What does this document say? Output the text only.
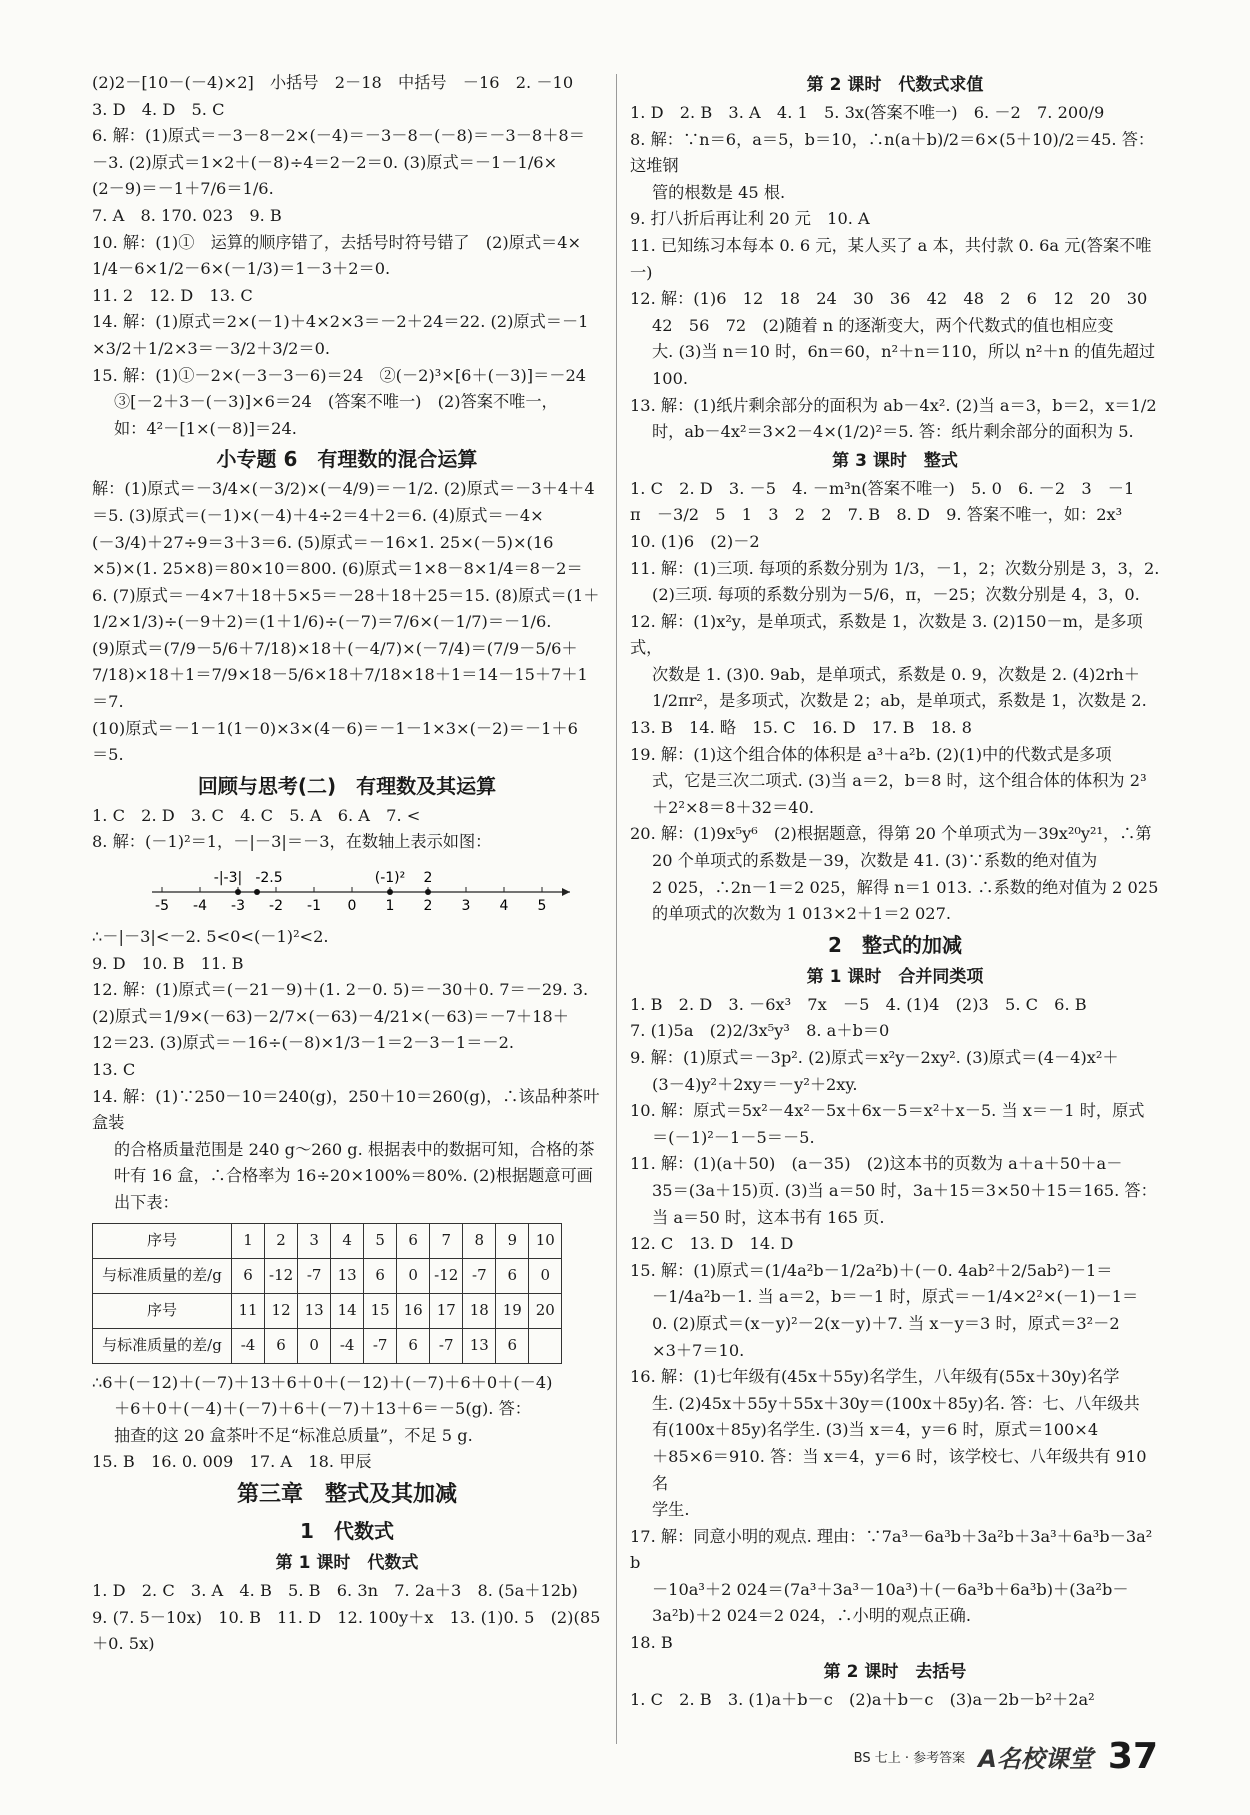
(2)2－[10－(－4)×2]　小括号　2－18　中括号　－16　2. －10
3. D　4. D　5. C
6. 解：(1)原式＝－3－8－2×(－4)＝－3－8－(－8)＝－3－8＋8＝
－3. (2)原式＝1×2＋(－8)÷4＝2－2＝0. (3)原式＝－1－1/6×
(2－9)＝－1＋7/6＝1/6.
7. A　8. 170. 023　9. B
10. 解：(1)①　运算的顺序错了，去括号时符号错了　(2)原式＝4×
1/4－6×1/2－6×(－1/3)＝1－3＋2＝0.
11. 2　12. D　13. C
14. 解：(1)原式＝2×(－1)＋4×2×3＝－2＋24＝22. (2)原式＝－1
×3/2＋1/2×3＝－3/2＋3/2＝0.
15. 解：(1)①－2×(－3－3－6)＝24　②(－2)³×[6＋(－3)]＝－24
③[－2＋3－(－3)]×6＝24　(答案不唯一)　(2)答案不唯一，
如：4²－[1×(－8)]＝24.
小专题 6　有理数的混合运算
解：(1)原式＝－3/4×(－3/2)×(－4/9)＝－1/2. (2)原式＝－3＋4＋4
＝5. (3)原式＝(－1)×(－4)＋4÷2＝4＋2＝6. (4)原式＝－4×
(－3/4)＋27÷9＝3＋3＝6. (5)原式＝－16×1. 25×(－5)×(16
×5)×(1. 25×8)＝80×10＝800. (6)原式＝1×8－8×1/4＝8－2＝
6. (7)原式＝－4×7＋18＋5×5＝－28＋18＋25＝15. (8)原式＝(1＋
1/2×1/3)÷(－9＋2)＝(1＋1/6)÷(－7)＝7/6×(－1/7)＝－1/6.
(9)原式＝(7/9－5/6＋7/18)×18＋(－4/7)×(－7/4)＝(7/9－5/6＋
7/18)×18＋1＝7/9×18－5/6×18＋7/18×18＋1＝14－15＋7＋1＝7.
(10)原式＝－1－1(1－0)×3×(4－6)＝－1－1×3×(－2)＝－1＋6
＝5.
回顾与思考(二)　有理数及其运算
1. C　2. D　3. C　4. C　5. A　6. A　7. <
8. 解：(－1)²＝1，－|－3|＝－3，在数轴上表示如图：
-5 -4 -3 -2 -1 0 1 2 3 4 5
-|-3| -2.5	(-1)² 2
∴－|－3|<－2. 5<0<(－1)²<2.
9. D　10. B　11. B
12. 解：(1)原式＝(－21－9)＋(1. 2－0. 5)＝－30＋0. 7＝－29. 3.
(2)原式＝1/9×(－63)－2/7×(－63)－4/21×(－63)＝－7＋18＋
12＝23. (3)原式＝－16÷(－8)×1/3－1＝2－3－1＝－2.
13. C
14. 解：(1)∵250－10＝240(g)，250＋10＝260(g)，∴该品种茶叶盒装
的合格质量范围是 240 g～260 g. 根据表中的数据可知，合格的茶
叶有 16 盒，∴合格率为 16÷20×100%＝80%. (2)根据题意可画
出下表：
序号	1	2	3	4	5	6	7	8	9	10
与标准质量的差/g	6	-12	-7	13	6	0	-12	-7	6	0
序号	11	12	13	14	15	16	17	18	19	20
与标准质量的差/g	-4	6	0	-4	-7	6	-7	13	6	
∴6＋(－12)＋(－7)＋13＋6＋0＋(－12)＋(－7)＋6＋0＋(－4)
＋6＋0＋(－4)＋(－7)＋6＋(－7)＋13＋6＝－5(g). 答：
抽查的这 20 盒茶叶不足“标准总质量”，不足 5 g.
15. B　16. 0. 009　17. A　18. 甲辰
第三章　整式及其加减
1　代数式
第 1 课时　代数式
1. D　2. C　3. A　4. B　5. B　6. 3n　7. 2a＋3　8. (5a＋12b)
9. (7. 5－10x)　10. B　11. D　12. 100y＋x　13. (1)0. 5　(2)(85＋0. 5x)
第 2 课时　代数式求值
1. D　2. B　3. A　4. 1　5. 3x(答案不唯一)　6. －2　7. 200/9
8. 解：∵n＝6，a＝5，b＝10，∴n(a＋b)/2＝6×(5＋10)/2＝45. 答：这堆钢
管的根数是 45 根.
9. 打八折后再让利 20 元　10. A
11. 已知练习本每本 0. 6 元，某人买了 a 本，共付款 0. 6a 元(答案不唯一)
12. 解：(1)6　12　18　24　30　36　42　48　2　6　12　20　30
42　56　72　(2)随着 n 的逐渐变大，两个代数式的值也相应变
大. (3)当 n＝10 时，6n＝60，n²＋n＝110，所以 n²＋n 的值先超过
100.
13. 解：(1)纸片剩余部分的面积为 ab－4x². (2)当 a＝3，b＝2，x＝1/2
时，ab－4x²＝3×2－4×(1/2)²＝5. 答：纸片剩余部分的面积为 5.
第 3 课时　整式
1. C　2. D　3. －5　4. －m³n(答案不唯一)　5. 0　6. －2　3　－1
π　－3/2　5　1　3　2　2　7. B　8. D　9. 答案不唯一，如：2x³
10. (1)6　(2)－2
11. 解：(1)三项. 每项的系数分别为 1/3，－1，2；次数分别是 3，3，2.
(2)三项. 每项的系数分别为－5/6，π，－25；次数分别是 4，3，0.
12. 解：(1)x²y，是单项式，系数是 1，次数是 3. (2)150－m，是多项式，
次数是 1. (3)0. 9ab，是单项式，系数是 0. 9，次数是 2. (4)2rh＋
1/2πr²，是多项式，次数是 2；ab，是单项式，系数是 1，次数是 2.
13. B　14. 略　15. C　16. D　17. B　18. 8
19. 解：(1)这个组合体的体积是 a³＋a²b. (2)(1)中的代数式是多项
式，它是三次二项式. (3)当 a＝2，b＝8 时，这个组合体的体积为 2³
＋2²×8＝8＋32＝40.
20. 解：(1)9x⁵y⁶　(2)根据题意，得第 20 个单项式为－39x²⁰y²¹，∴第
20 个单项式的系数是－39，次数是 41. (3)∵系数的绝对值为
2 025，∴2n－1＝2 025，解得 n＝1 013. ∴系数的绝对值为 2 025
的单项式的次数为 1 013×2＋1＝2 027.
2　整式的加减
第 1 课时　合并同类项
1. B　2. D　3. －6x³　7x　－5　4. (1)4　(2)3　5. C　6. B
7. (1)5a　(2)2/3x⁵y³　8. a＋b＝0
9. 解：(1)原式＝－3p². (2)原式＝x²y－2xy². (3)原式＝(4－4)x²＋
(3－4)y²＋2xy＝－y²＋2xy.
10. 解：原式＝5x²－4x²－5x＋6x－5＝x²＋x－5. 当 x＝－1 时，原式
＝(－1)²－1－5＝－5.
11. 解：(1)(a＋50)　(a－35)　(2)这本书的页数为 a＋a＋50＋a－
35＝(3a＋15)页. (3)当 a＝50 时，3a＋15＝3×50＋15＝165. 答：
当 a＝50 时，这本书有 165 页.
12. C　13. D　14. D
15. 解：(1)原式＝(1/4a²b－1/2a²b)＋(－0. 4ab²＋2/5ab²)－1＝
－1/4a²b－1. 当 a＝2，b＝－1 时，原式＝－1/4×2²×(－1)－1＝
0. (2)原式＝(x－y)²－2(x－y)＋7. 当 x－y＝3 时，原式＝3²－2
×3＋7＝10.
16. 解：(1)七年级有(45x＋55y)名学生，八年级有(55x＋30y)名学
生. (2)45x＋55y＋55x＋30y＝(100x＋85y)名. 答：七、八年级共
有(100x＋85y)名学生. (3)当 x＝4，y＝6 时，原式＝100×4
＋85×6＝910. 答：当 x＝4，y＝6 时，该学校七、八年级共有 910 名
学生.
17. 解：同意小明的观点. 理由：∵7a³－6a³b＋3a²b＋3a³＋6a³b－3a²b
－10a³＋2 024＝(7a³＋3a³－10a³)＋(－6a³b＋6a³b)＋(3a²b－
3a²b)＋2 024＝2 024，∴小明的观点正确.
18. B
第 2 课时　去括号
1. C　2. B　3. (1)a＋b－c　(2)a＋b－c　(3)a－2b－b²＋2a²
BS 七上 · 参考答案 A名校课堂 37
